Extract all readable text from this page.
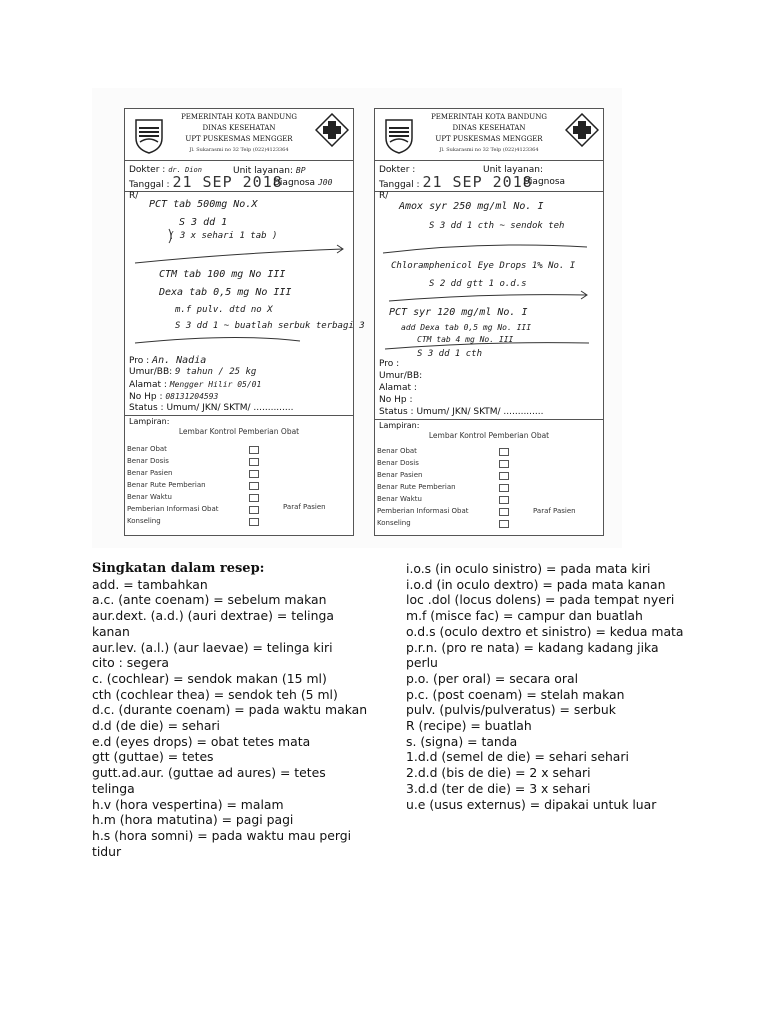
PEMERINTAH KOTA BANDUNG
DINAS KESEHATAN
UPT PUSKESMAS MENGGER
Jl. Sukarasmi no 32 Telp (022)4123364
Dokter : dr. Dion	Unit layanan: BP
Tanggal : 21 SEP 2018
Diagnosa J00
R/
PCT tab 500mg No.X
S 3 dd 1
( 3 x sehari 1 tab )
CTM tab 100 mg No III
Dexa tab 0,5 mg No III
m.f pulv. dtd no X
S 3 dd 1 ~ buatlah serbuk terbagi 3
Pro : An. Nadia
Umur/BB: 9 tahun / 25 kg
Alamat : Mengger Hilir 05/01
No Hp : 08131204593
Status : Umum/ JKN/ SKTM/ ..............
Lampiran:
Lembar Kontrol Pemberian Obat
Benar Obat
Benar Dosis
Benar Pasien
Benar Rute Pemberian
Benar Waktu
Pemberian Informasi Obat
Konseling
Paraf Pasien
PEMERINTAH KOTA BANDUNG
DINAS KESEHATAN
UPT PUSKESMAS MENGGER
Jl. Sukarasmi no 32 Telp (022)4123364
Dokter :	Unit layanan:
Tanggal : 21 SEP 2018
Diagnosa
R/
Amox syr 250 mg/ml No. I
S 3 dd 1 cth ~ sendok teh
Chloramphenicol Eye Drops 1% No. I
S 2 dd gtt 1 o.d.s
PCT syr 120 mg/ml No. I
add Dexa tab 0,5 mg No. III
CTM tab 4 mg No. III
S 3 dd 1 cth
Pro :
Umur/BB:
Alamat :
No Hp :
Status : Umum/ JKN/ SKTM/ ..............
Lampiran:
Lembar Kontrol Pemberian Obat
Benar Obat
Benar Dosis
Benar Pasien
Benar Rute Pemberian
Benar Waktu
Pemberian Informasi Obat
Konseling
Paraf Pasien

Singkatan dalam resep:

add. = tambahkan

a.c. (ante coenam) = sebelum makan

aur.dext. (a.d.) (auri dextrae) = telinga kanan

aur.lev. (a.l.) (aur laevae) = telinga kiri

cito : segera

c. (cochlear) = sendok makan (15 ml)

cth (cochlear thea) = sendok teh (5 ml)

d.c. (durante coenam) = pada waktu makan

d.d (de die) = sehari

e.d (eyes drops) = obat tetes mata

gtt (guttae) = tetes

gutt.ad.aur. (guttae ad aures) = tetes telinga

h.v (hora vespertina) = malam

h.m (hora matutina) = pagi pagi

h.s (hora somni) = pada waktu mau pergi tidur

i.o.s (in oculo sinistro) = pada mata kiri

i.o.d (in oculo dextro) = pada mata kanan

loc .dol (locus dolens) = pada tempat nyeri

m.f (misce fac) = campur dan buatlah

o.d.s (oculo dextro et sinistro) = kedua mata

p.r.n. (pro re nata) = kadang kadang jika perlu

p.o. (per oral) = secara oral

p.c. (post coenam) = stelah makan

pulv. (pulvis/pulveratus) = serbuk

R (recipe) = buatlah

s. (signa) = tanda

1.d.d (semel de die) = sehari sehari

2.d.d (bis de die) = 2 x sehari

3.d.d (ter de die) = 3 x sehari

u.e (usus externus) = dipakai untuk luar
